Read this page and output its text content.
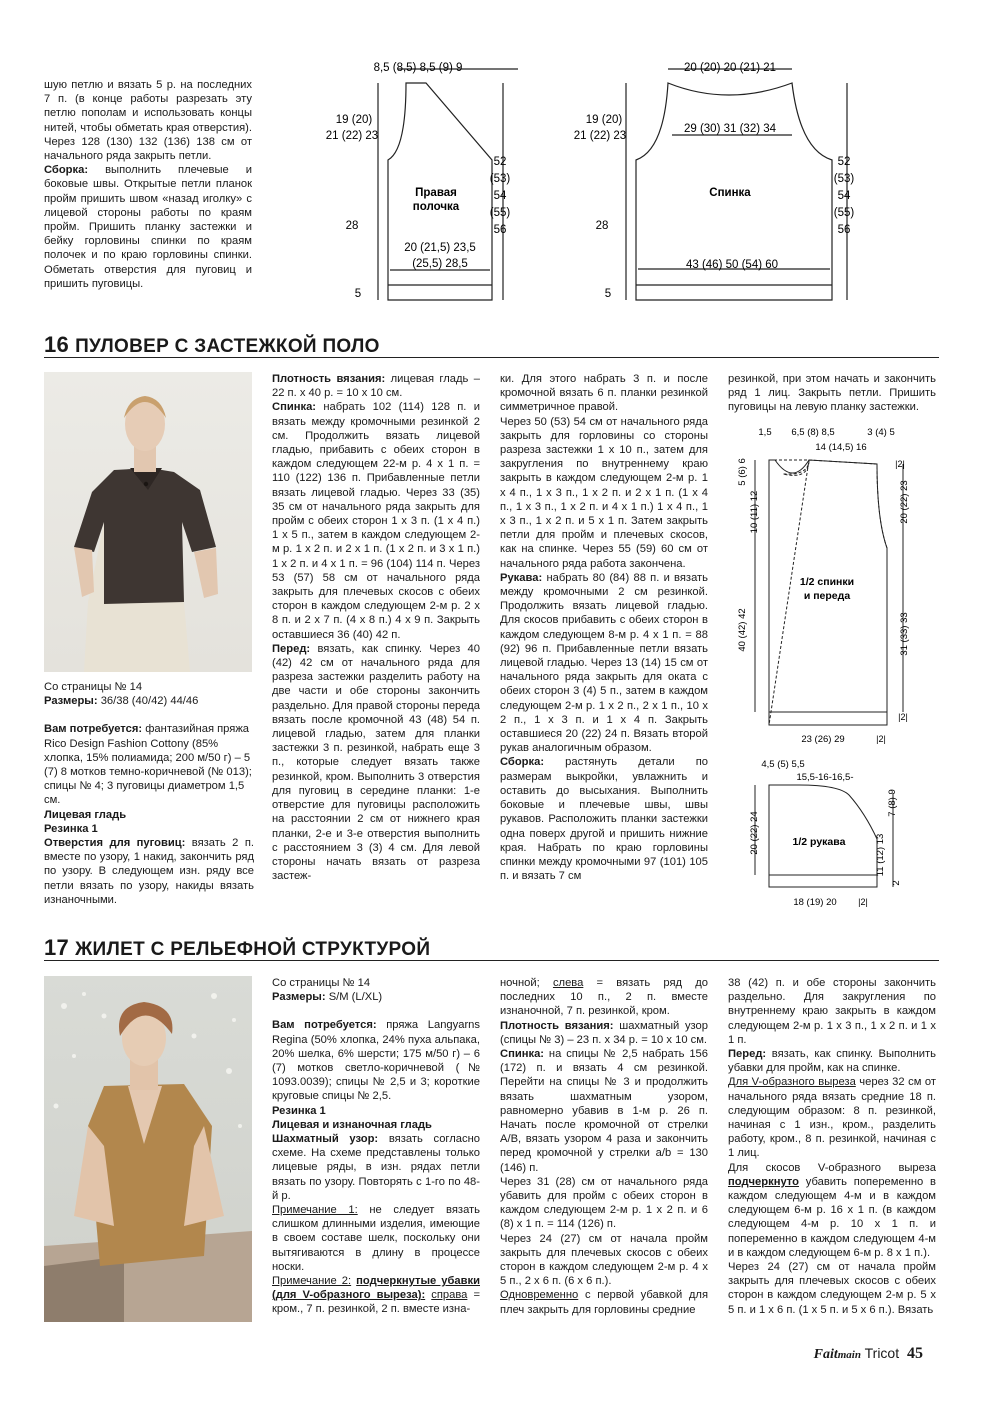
шую петлю и вязать 5 р. на последних 7 п. (в конце работы разрезать эту петлю пополам и использовать концы нитей, чтобы обметать края отверстия). Через 128 (130) 132 (136) 138 см от начального ряда закрыть петли.

Сборка: выполнить плечевые и боковые швы. Открытые петли планок пройм пришить швом «назад иголку» с лицевой стороны работы по краям пройм. Пришить планку застежки и бейку горловины спинки по краям полочек и по краю горловины спинки. Обметать отверстия для пуговиц и пришить пуговицы.

8,5 (8,5) 8,5 (9) 9
19 (20)
21 (22) 23
28
5
52
(53)
54
(55)
56
Правая
полочка
20 (21,5) 23,5
(25,5) 28,5
20 (20) 20 (21) 21
29 (30) 31 (32) 34
19 (20)
21 (22) 23
28
5
52
(53)
54
(55)
56
Спинка
43 (46) 50 (54) 60
16 ПУЛОВЕР С ЗАСТЕЖКОЙ ПОЛО

Со страницы № 14

Размеры: 36/38 (40/42) 44/46

Вам потребуется: фантазийная пряжа Rico Design Fashion Cottony (85% хлопка, 15% полиамида; 200 м/50 г) – 5 (7) 8 мотков темно-коричневой (№ 013); спицы № 4; 3 пуговицы диаметром 1,5 см.

Лицевая гладь

Резинка 1

Отверстия для пуговиц: вязать 2 п. вместе по узору, 1 накид, закончить ряд по узору. В следующем изн. ряду все петли вязать по узору, накиды вязать изнаночными.

Плотность вязания: лицевая гладь – 22 п. х 40 р. = 10 х 10 см.

Спинка: набрать 102 (114) 128 п. и вязать между кромочными резинкой 2 см. Продолжить вязать лицевой гладью, прибавить с обеих сторон в каждом следующем 22-м р. 4 х 1 п. = 110 (122) 136 п. Прибавленные петли вязать лицевой гладью. Через 33 (35) 35 см от начального ряда закрыть для пройм с обеих сторон 1 х 3 п. (1 х 4 п.) 1 х 5 п., затем в каждом следующем 2-м р. 1 х 2 п. и 2 х 1 п. (1 х 2 п. и 3 х 1 п.) 1 х 2 п. и 4 х 1 п. = 96 (104) 114 п. Через 53 (57) 58 см от начального ряда закрыть для плечевых скосов с обеих сторон в каждом следующем 2-м р. 2 х 8 п. и 2 х 7 п. (4 х 8 п.) 4 х 9 п. Закрыть оставшиеся 36 (40) 42 п.

Перед: вязать, как спинку. Через 40 (42) 42 см от начального ряда для разреза застежки разделить работу на две части и обе стороны закончить раздельно. Для правой стороны переда вязать после кромочной 43 (48) 54 п. лицевой гладью, затем для планки застежки 3 п. резинкой, набрать еще 3 п., которые следует вязать также резинкой, кром. Выполнить 3 отверстия для пуговиц в середине планки: 1-е отверстие для пуговицы расположить на расстоянии 2 см от нижнего края планки, 2-е и 3-е отверстия выполнить с расстоянием 3 (3) 4 см. Для левой стороны начать вязать от разреза застеж-

ки. Для этого набрать 3 п. и после кромочной вязать 6 п. планки резинкой симметричное правой.

Через 50 (53) 54 см от начального ряда закрыть для горловины со стороны разреза застежки 1 х 10 п., затем для закругления по внутреннему краю закрыть в каждом следующем 2-м р. 1 х 4 п., 1 х 3 п., 1 х 2 п. и 2 х 1 п. (1 х 4 п., 1 х 3 п., 1 х 2 п. и 4 х 1 п.) 1 х 4 п., 1 х 3 п., 1 х 2 п. и 5 х 1 п. Затем закрыть петли для пройм и плечевых скосов, как на спинке. Через 55 (59) 60 см от начального ряда работа закончена.

Рукава: набрать 80 (84) 88 п. и вязать между кромочными 2 см резинкой. Продолжить вязать лицевой гладью. Для скосов прибавить с обеих сторон в каждом следующем 8-м р. 4 х 1 п. = 88 (92) 96 п. Прибавленные петли вязать лицевой гладью. Через 13 (14) 15 см от начального ряда закрыть для оката с обеих сторон 3 (4) 5 п., затем в каждом следующем 2-м р. 1 х 2 п., 2 х 1 п., 10 х 2 п., 1 х 3 п. и 1 х 4 п. Закрыть оставшиеся 20 (22) 24 п. Вязать второй рукав аналогичным образом.

Сборка: растянуть детали по размерам выкройки, увлажнить и оставить до высыхания. Выполнить боковые и плечевые швы, швы рукавов. Расположить планки застежки одна поверх другой и пришить нижние края. Набрать по краю горловины спинки между кромочными 97 (101) 105 п. и вязать 7 см

резинкой, при этом начать и закончить ряд 1 лиц. Закрыть петли. Пришить пуговицы на левую планку застежки.

1,5 6,5 (8) 8,5	3 (4) 5
14 (14,5) 16
|2|
5 (6) 6
10 (11) 12
40 (42) 42
20 (22) 23
31 (33) 33
1/2 спинки
и переда
23 (26) 29	|2|
|2|
4,5 (5) 5,5
15,5-16-16,5-
20 (22) 24
7 (8) 9
11 (12) 13
2
1/2 рукава
18 (19) 20 |2|
17 ЖИЛЕТ С РЕЛЬЕФНОЙ СТРУКТУРОЙ

Со страницы № 14

Размеры: S/M (L/XL)

Вам потребуется: пряжа Langyarns Regina (50% хлопка, 24% пуха альпака, 20% шелка, 6% шерсти; 175 м/50 г) – 6 (7) мотков светло-коричневой (№ 1093.0039); спицы № 2,5 и 3; короткие круговые спицы № 2,5.

Резинка 1

Лицевая и изнаночная гладь

Шахматный узор: вязать согласно схеме. На схеме представлены только лицевые ряды, в изн. рядах петли вязать по узору. Повторять с 1-го по 48-й р.

Примечание 1: не следует вязать слишком длинными изделия, имеющие в своем составе шелк, поскольку они вытягиваются в длину в процессе носки.

Примечание 2: подчеркнутые убавки (для V-образного выреза): справа = кром., 7 п. резинкой, 2 п. вместе изна-

ночной; слева = вязать ряд до последних 10 п., 2 п. вместе изнаночной, 7 п. резинкой, кром.

Плотность вязания: шахматный узор (спицы № 3) – 23 п. х 34 р. = 10 х 10 см.

Спинка: на спицы № 2,5 набрать 156 (172) п. и вязать 4 см резинкой. Перейти на спицы № 3 и продолжить вязать шахматным узором, равномерно убавив в 1-м р. 26 п. Начать после кромочной от стрелки A/B, вязать узором 4 раза и закончить перед кромочной у стрелки a/b = 130 (146) п.

Через 31 (28) см от начального ряда убавить для пройм с обеих сторон в каждом следующем 2-м р. 1 х 2 п. и 6 (8) х 1 п. = 114 (126) п.

Через 24 (27) см от начала пройм закрыть для плечевых скосов с обеих сторон в каждом следующем 2-м р. 4 х 5 п., 2 х 6 п. (6 х 6 п.).

Одновременно с первой убавкой для плеч закрыть для горловины средние

38 (42) п. и обе стороны закончить раздельно. Для закругления по внутреннему краю закрыть в каждом следующем 2-м р. 1 х 3 п., 1 х 2 п. и 1 х 1 п.

Перед: вязать, как спинку. Выполнить убавки для пройм, как на спинке.

Для V-образного выреза через 32 см от начального ряда вязать средние 18 п. следующим образом: 8 п. резинкой, начиная с 1 изн., кром., разделить работу, кром., 8 п. резинкой, начиная с 1 лиц.

Для скосов V-образного выреза подчеркнуто убавить попеременно в каждом следующем 4-м и в каждом следующем 6-м р. 16 х 1 п. (в каждом следующем 4-м р. 10 х 1 п. и попеременно в каждом следующем 4-м и в каждом следующем 6-м р. 8 х 1 п.).

Через 24 (27) см от начала пройм закрыть для плечевых скосов с обеих сторон в каждом следующем 2-м р. 5 х 5 п. и 1 х 6 п. (1 х 5 п. и 5 х 6 п.). Вязать

Faitmain Tricot 45
